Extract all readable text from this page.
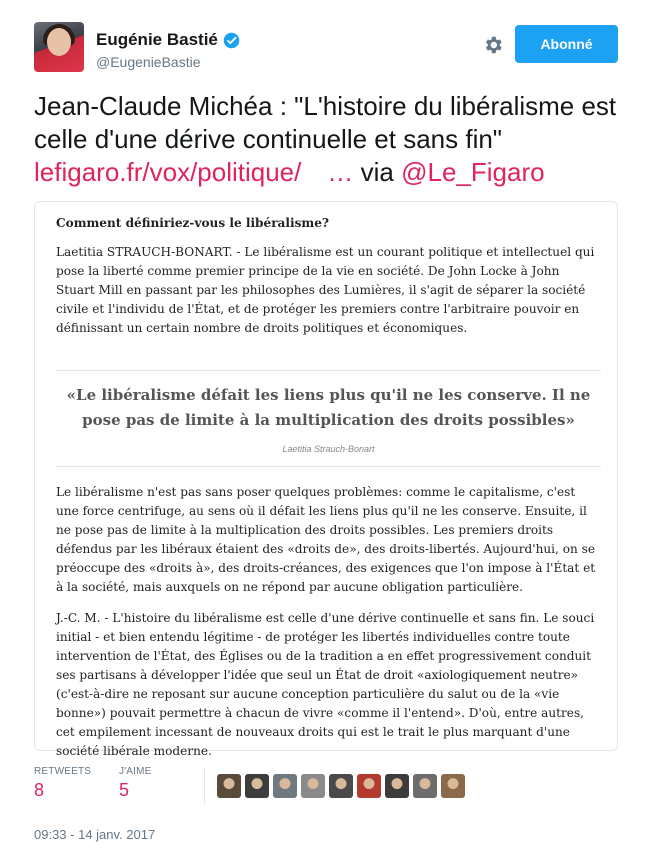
Eugénie Bastié
@EugenieBastie
Abonné
Jean-Claude Michéa : "L'histoire du libéralisme est celle d'une dérive continuelle et sans fin" lefigaro.fr/vox/politique/ … via @Le_Figaro

Comment définiriez-vous le libéralisme?

Laetitia STRAUCH-BONART. - Le libéralisme est un courant politique et intellectuel qui pose la liberté comme premier principe de la vie en société. De John Locke à John Stuart Mill en passant par les philosophes des Lumières, il s'agit de séparer la société civile et l'individu de l'État, et de protéger les premiers contre l'arbitraire pouvoir en définissant un certain nombre de droits politiques et économiques.

«Le libéralisme défait les liens plus qu'il ne les conserve. Il ne pose pas de limite à la multiplication des droits possibles»
Laetitia Strauch-Bonart

Le libéralisme n'est pas sans poser quelques problèmes: comme le capitalisme, c'est une force centrifuge, au sens où il défait les liens plus qu'il ne les conserve. Ensuite, il ne pose pas de limite à la multiplication des droits possibles. Les premiers droits défendus par les libéraux étaient des «droits de», des droits-libertés. Aujourd'hui, on se préoccupe des «droits à», des droits-créances, des exigences que l'on impose à l'État et à la société, mais auxquels on ne répond par aucune obligation particulière.

J.-C. M. - L'histoire du libéralisme est celle d'une dérive continuelle et sans fin. Le souci initial - et bien entendu légitime - de protéger les libertés individuelles contre toute intervention de l'État, des Églises ou de la tradition a en effet progressivement conduit ses partisans à développer l'idée que seul un État de droit «axiologiquement neutre» (c'est-à-dire ne reposant sur aucune conception particulière du salut ou de la «vie bonne») pouvait permettre à chacun de vivre «comme il l'entend». D'où, entre autres, cet empilement incessant de nouveaux droits qui est le trait le plus marquant d'une société libérale moderne.

RETWEETS
8
J'AIME
5
09:33 - 14 janv. 2017
